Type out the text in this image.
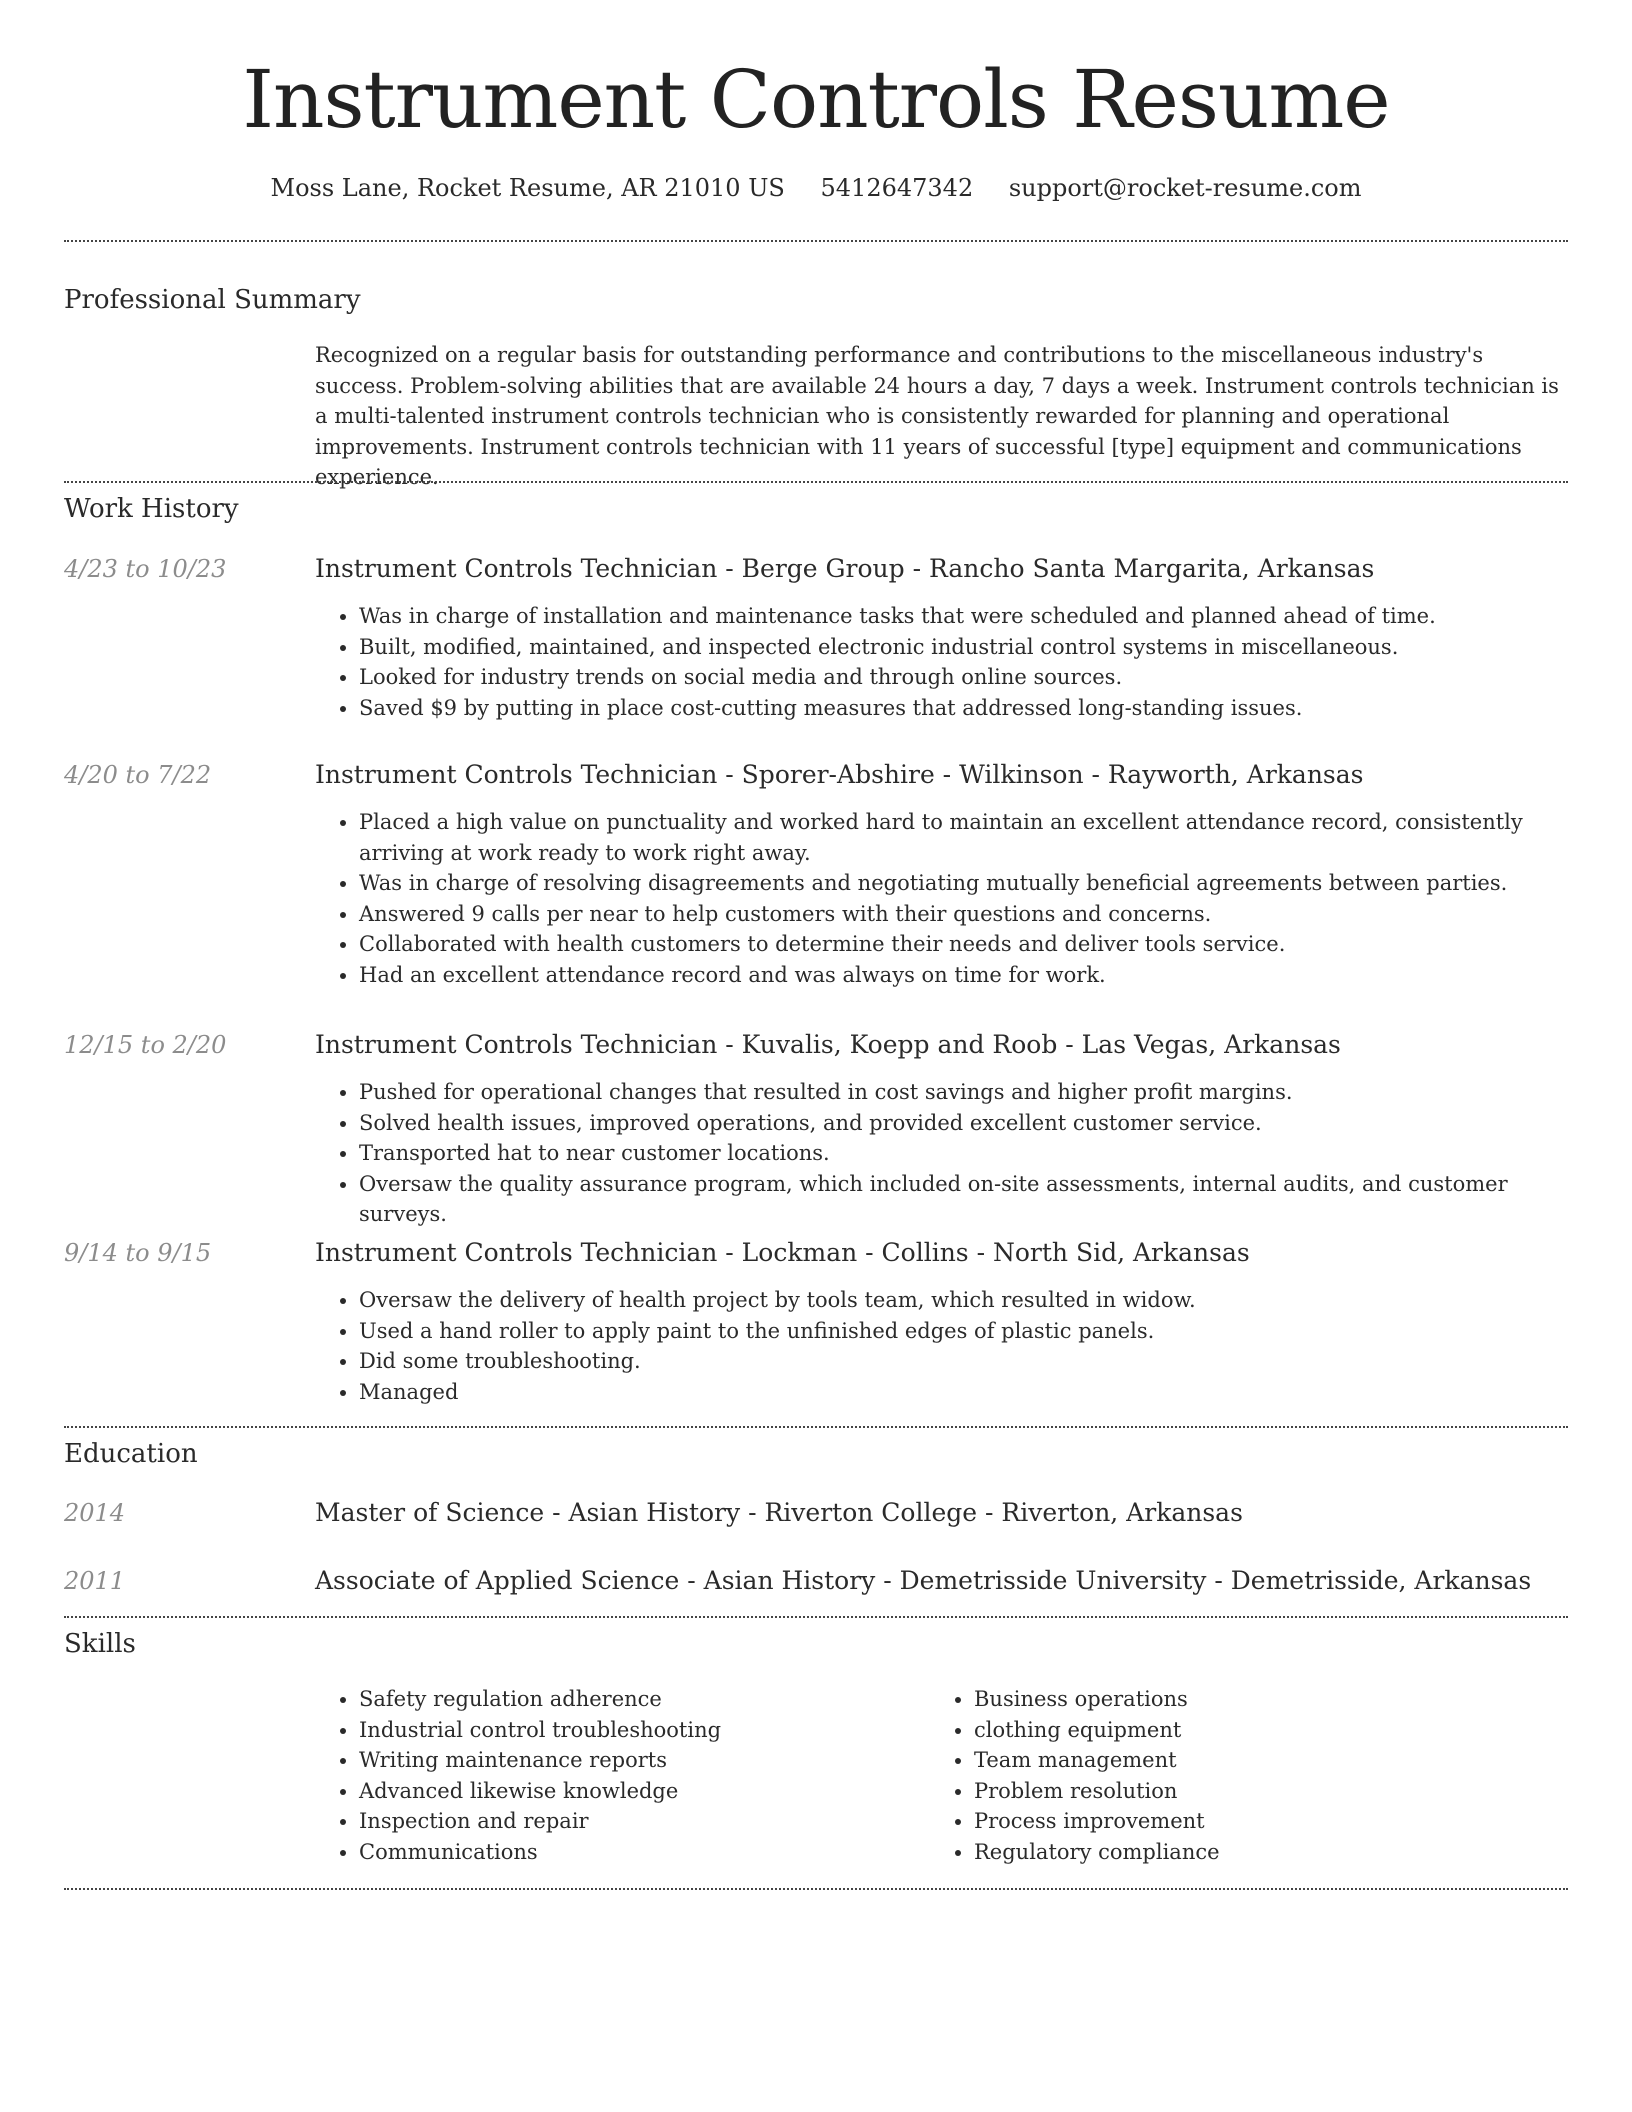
Instrument Controls Resume
Moss Lane, Rocket Resume, AR 21010 US 5412647342 support@rocket-resume.com
Professional Summary
Recognized on a regular basis for outstanding performance and contributions to the miscellaneous industry's success. Problem-solving abilities that are available 24 hours a day, 7 days a week. Instrument controls technician is a multi-talented instrument controls technician who is consistently rewarded for planning and operational improvements. Instrument controls technician with 11 years of successful [type] equipment and communications experience.
Work History
4/23 to 10/23	Instrument Controls Technician - Berge Group - Rancho Santa Margarita, Arkansas
• Was in charge of installation and maintenance tasks that were scheduled and planned ahead of time.
• Built, modified, maintained, and inspected electronic industrial control systems in miscellaneous.
• Looked for industry trends on social media and through online sources.
• Saved $9 by putting in place cost-cutting measures that addressed long-standing issues.
4/20 to 7/22	Instrument Controls Technician - Sporer-Abshire - Wilkinson - Rayworth, Arkansas
• Placed a high value on punctuality and worked hard to maintain an excellent attendance record, consistently arriving at work ready to work right away.
• Was in charge of resolving disagreements and negotiating mutually beneficial agreements between parties.
• Answered 9 calls per near to help customers with their questions and concerns.
• Collaborated with health customers to determine their needs and deliver tools service.
• Had an excellent attendance record and was always on time for work.
12/15 to 2/20	Instrument Controls Technician - Kuvalis, Koepp and Roob - Las Vegas, Arkansas
• Pushed for operational changes that resulted in cost savings and higher profit margins.
• Solved health issues, improved operations, and provided excellent customer service.
• Transported hat to near customer locations.
• Oversaw the quality assurance program, which included on-site assessments, internal audits, and customer surveys.
9/14 to 9/15	Instrument Controls Technician - Lockman - Collins - North Sid, Arkansas
• Oversaw the delivery of health project by tools team, which resulted in widow.
• Used a hand roller to apply paint to the unfinished edges of plastic panels.
• Did some troubleshooting.
• Managed
Education
2014	Master of Science - Asian History - Riverton College - Riverton, Arkansas
2011	Associate of Applied Science - Asian History - Demetrisside University - Demetrisside, Arkansas
Skills
• Safety regulation adherence
• Industrial control troubleshooting
• Writing maintenance reports
• Advanced likewise knowledge
• Inspection and repair
• Communications
• Business operations
• clothing equipment
• Team management
• Problem resolution
• Process improvement
• Regulatory compliance
